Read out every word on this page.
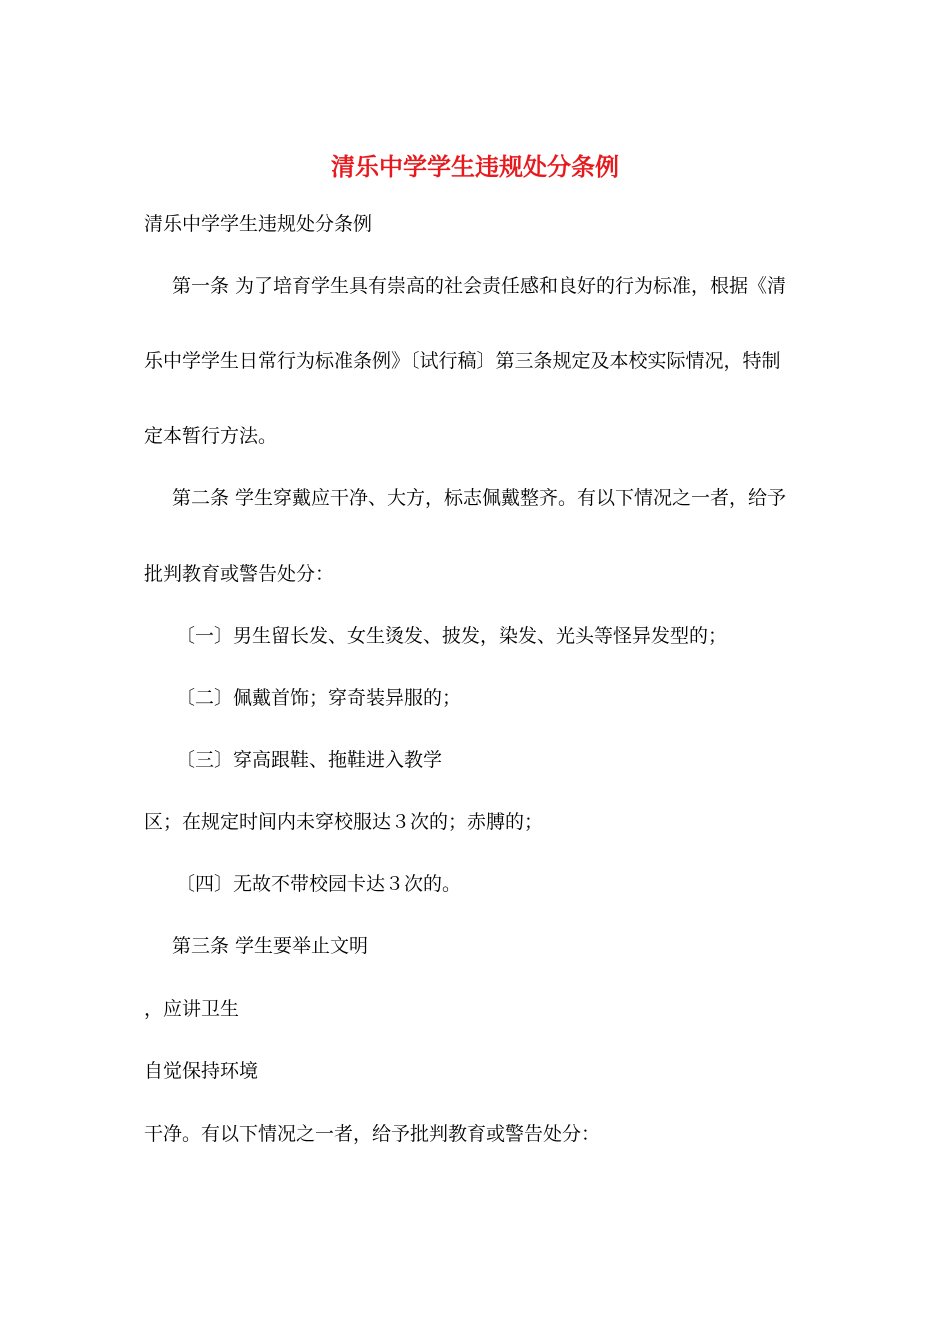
清乐中学学生违规处分条例

清乐中学学生违规处分条例

第一条 为了培育学生具有崇高的社会责任感和良好的行为标准，根据《清

乐中学学生日常行为标准条例》〔试行稿〕第三条规定及本校实际情况，特制

定本暂行方法。

第二条 学生穿戴应干净、大方，标志佩戴整齐。有以下情况之一者，给予

批判教育或警告处分：

〔一〕男生留长发、女生烫发、披发，染发、光头等怪异发型的；

〔二〕佩戴首饰；穿奇装异服的；

〔三〕穿高跟鞋、拖鞋进入教学

区；在规定时间内未穿校服达３次的；赤膊的；

〔四〕无故不带校园卡达３次的。

第三条 学生要举止文明

，应讲卫生

自觉保持环境

干净。有以下情况之一者，给予批判教育或警告处分：
